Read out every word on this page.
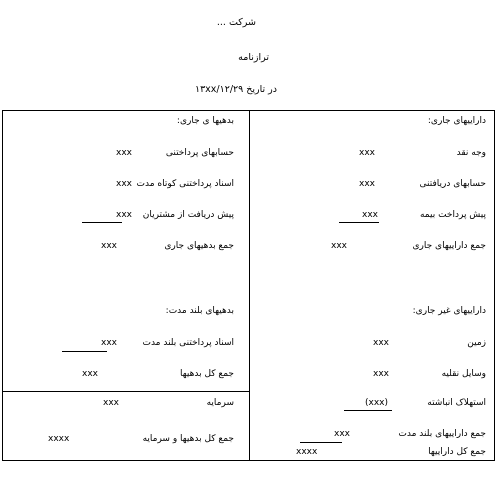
شرکت ...
ترازنامه
در تاریخ ۱۳xx/۱۲/۲۹
داراییهای جاری:
وجه نقد
xxx
حسابهای دریافتنی
xxx
پیش پرداخت بیمه
xxx
جمع داراییهای جاری
xxx
داراییهای غیر جاری:
زمین
xxx
وسایل نقلیه
xxx
استهلاک انباشته
(xxx)
جمع داراییهای بلند مدت
xxx
جمع کل داراییها
xxxx
بدهیها ی جاری:
حسابهای پرداختنی
xxx
اسناد پرداختنی کوتاه مدت
xxx
پیش دریافت از مشتریان
xxx
جمع بدهیهای جاری
xxx
بدهیهای بلند مدت:
اسناد پرداختنی بلند مدت
xxx
جمع کل بدهیها
xxx
سرمایه
xxx
جمع کل بدهیها و سرمایه
xxxx
